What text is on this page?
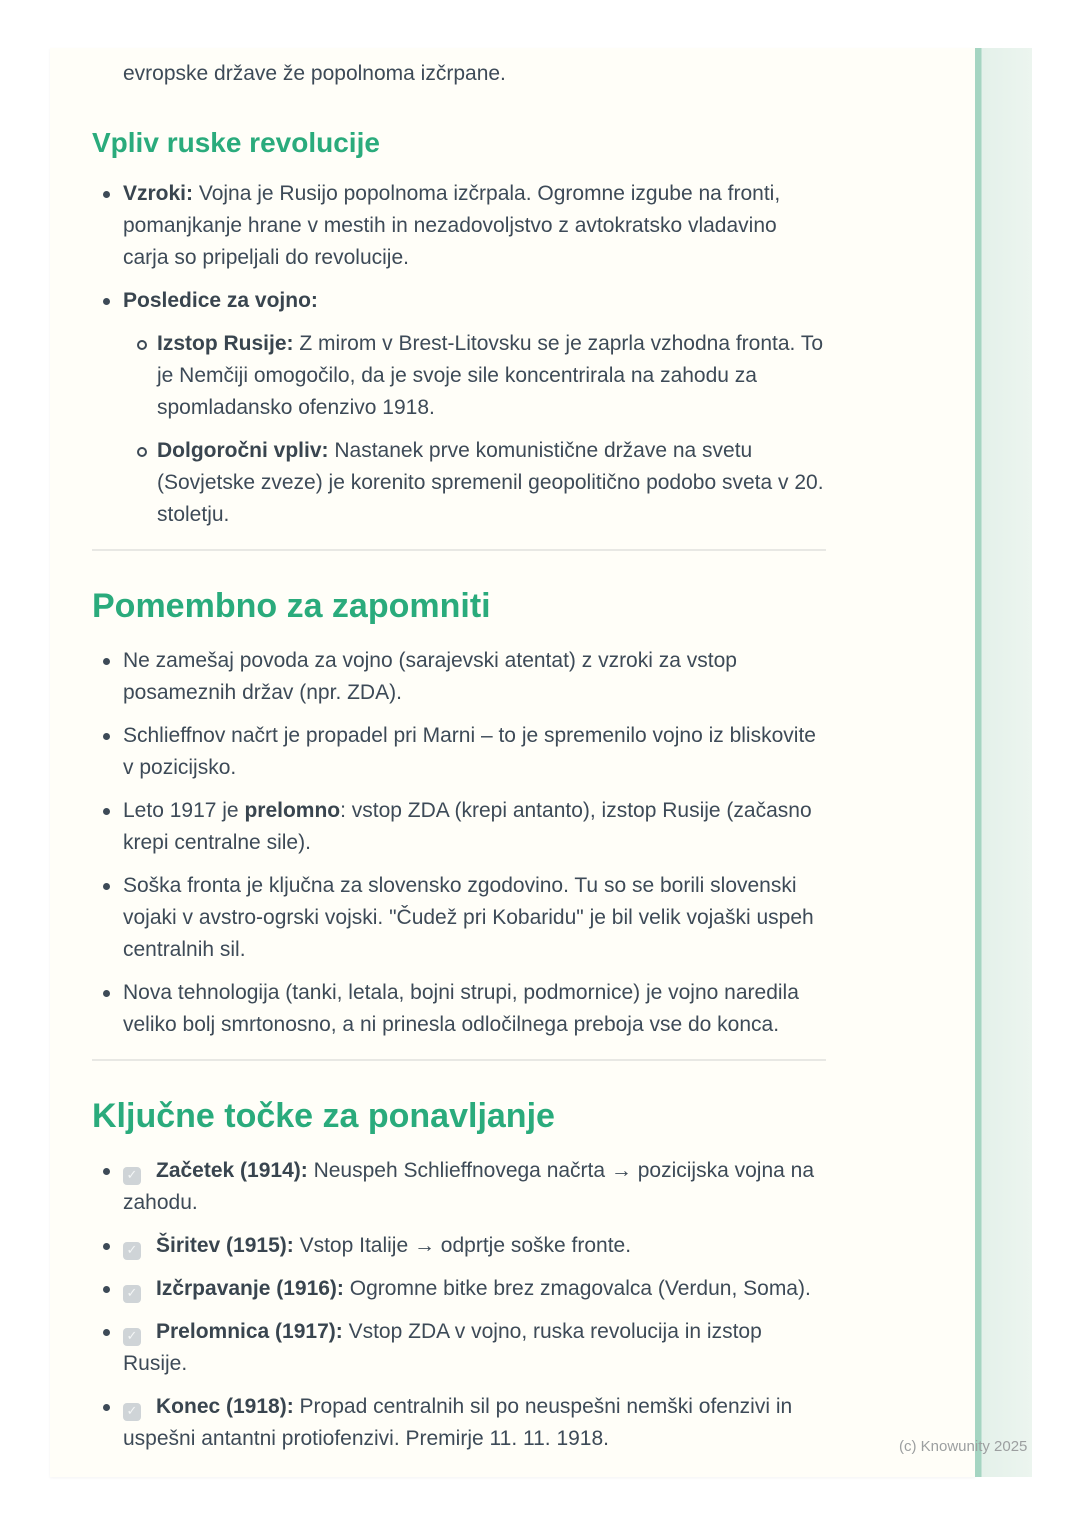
evropske države že popolnoma izčrpane.

Vpliv ruske revolucije
Vzroki: Vojna je Rusijo popolnoma izčrpala. Ogromne izgube na fronti, pomanjkanje hrane v mestih in nezadovoljstvo z avtokratsko vladavino carja so pripeljali do revolucije.
Posledice za vojno:
Izstop Rusije: Z mirom v Brest-Litovsku se je zaprla vzhodna fronta. To je Nemčiji omogočilo, da je svoje sile koncentrirala na zahodu za spomladansko ofenzivo 1918.
Dolgoročni vpliv: Nastanek prve komunistične države na svetu (Sovjetske zveze) je korenito spremenil geopolitično podobo sveta v 20. stoletju.
Pomembno za zapomniti
Ne zamešaj povoda za vojno (sarajevski atentat) z vzroki za vstop posameznih držav (npr. ZDA).
Schlieffnov načrt je propadel pri Marni – to je spremenilo vojno iz bliskovite v pozicijsko.
Leto 1917 je prelomno: vstop ZDA (krepi antanto), izstop Rusije (začasno krepi centralne sile).
Soška fronta je ključna za slovensko zgodovino. Tu so se borili slovenski vojaki v avstro-ogrski vojski. "Čudež pri Kobaridu" je bil velik vojaški uspeh centralnih sil.
Nova tehnologija (tanki, letala, bojni strupi, podmornice) je vojno naredila veliko bolj smrtonosno, a ni prinesla odločilnega preboja vse do konca.
Ključne točke za ponavljanje
✓ Začetek (1914): Neuspeh Schlieffnovega načrta → pozicijska vojna na zahodu.
✓ Širitev (1915): Vstop Italije → odprtje soške fronte.
✓ Izčrpavanje (1916): Ogromne bitke brez zmagovalca (Verdun, Soma).
✓ Prelomnica (1917): Vstop ZDA v vojno, ruska revolucija in izstop Rusije.
✓ Konec (1918): Propad centralnih sil po neuspešni nemški ofenzivi in uspešni antantni protiofenzivi. Premirje 11. 11. 1918.	(c) Knowunity 2025
